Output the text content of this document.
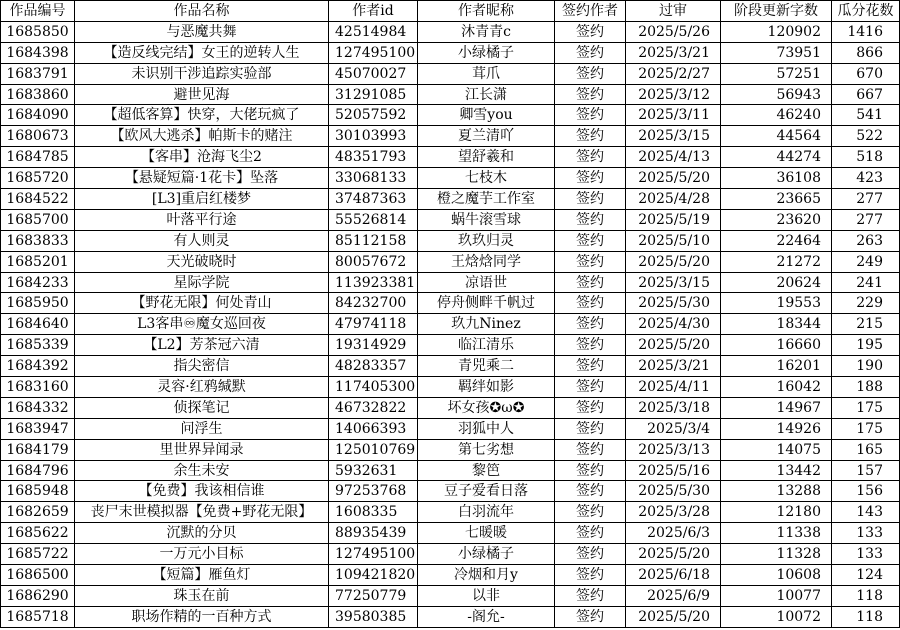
作品编号	作品名称	作者id	作者昵称	签约作者	过审	阶段更新字数	瓜分花数
1685850	与恶魔共舞	42514984	沐青青c	签约	2025/5/26	120902	1416
1684398	【造反线完结】女王的逆转人生	127495100	小绿橘子	签约	2025/3/21	73951	866
1683791	未识别干涉追踪实验部	45070027	茸爪	签约	2025/2/27	57251	670
1683860	避世见海	31291085	江长潇	签约	2025/3/12	56943	667
1684090	【超低客算】快穿，大佬玩疯了	52057592	卿雪you	签约	2025/3/11	46240	541
1680673	【欧风大逃杀】帕斯卡的赌注	30103993	夏兰清吖	签约	2025/3/15	44564	522
1684785	【客串】沧海飞尘2	48351793	望舒羲和	签约	2025/4/13	44274	518
1685720	【悬疑短篇·1花卡】坠落	33068133	七枝木	签约	2025/5/20	36108	423
1684522	[L3]重启红楼梦	37487363	橙之魔芋工作室	签约	2025/4/28	23665	277
1685700	叶落平行途	55526814	蜗牛滚雪球	签约	2025/5/19	23620	277
1683833	有人则灵	85112158	玖玖归灵	签约	2025/5/10	22464	263
1685201	天光破晓时	80057672	王焓焓同学	签约	2025/5/20	21272	249
1684233	星际学院	113923381	凉语世	签约	2025/3/15	20624	241
1685950	【野花无限】何处青山	84232700	停舟侧畔千帆过	签约	2025/5/30	19553	229
1684640	L3客串♾魔女巡回夜	47974118	玖九Ninez	签约	2025/4/30	18344	215
1685339	【L2】芳茶冠六清	19314929	临江清乐	签约	2025/5/20	16660	195
1684392	指尖密信	48283357	青兕乘二	签约	2025/3/21	16201	190
1683160	灵容·红鸦缄默	117405300	羁绊如影	签约	2025/4/11	16042	188
1684332	侦探笔记	46732822	坏女孩✪ω✪	签约	2025/3/18	14967	175
1683947	问浮生	14066393	羽狐中人	签约	2025/3/4	14926	175
1684179	里世界异闻录	125010769	第七劣想	签约	2025/3/13	14075	165
1684796	余生未安	5932631	黎笆	签约	2025/5/16	13442	157
1685948	【免费】我该相信谁	97253768	豆子爱看日落	签约	2025/5/30	13288	156
1682659	丧尸末世模拟器【免费+野花无限】	1608335	白羽流年	签约	2025/3/28	12180	143
1685622	沉默的分贝	88935439	七暖暖	签约	2025/6/3	11338	133
1685722	一万元小目标	127495100	小绿橘子	签约	2025/5/20	11328	133
1686500	【短篇】雁鱼灯	109421820	冷烟和月y	签约	2025/6/18	10608	124
1686290	珠玉在前	77250779	以非	签约	2025/6/9	10077	118
1685718	职场作精的一百种方式	39580385	-阁允-	签约	2025/5/20	10072	118
